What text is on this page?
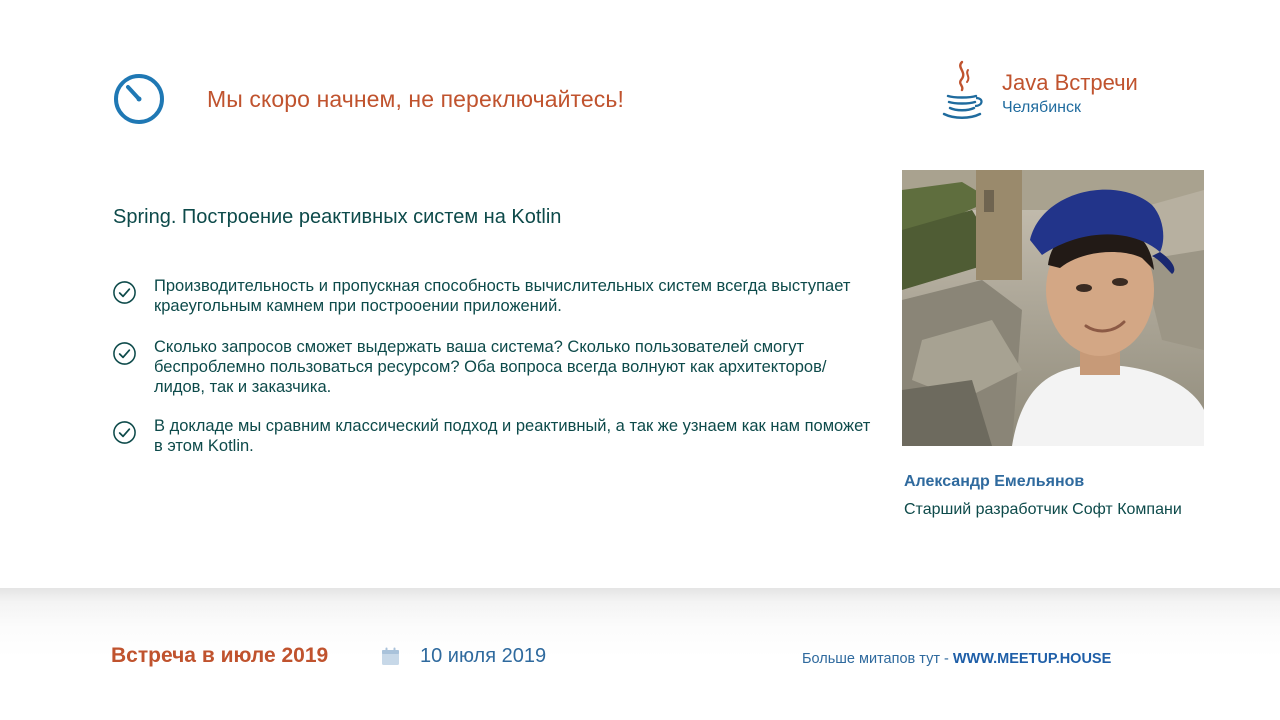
Мы скоро начнем, не переключайтесь!
Java Встречи
Челябинск
Spring. Построение реактивных систем на Kotlin
Производительность и пропускная способность вычислительных систем всегда выступает краеугольным камнем при построоении приложений.
Сколько запросов сможет выдержать ваша система? Сколько пользователей смогут беспроблемно пользоваться ресурсом? Оба вопроса всегда волнуют как архитекторов/лидов, так и заказчика.
В докладе мы сравним классический подход и реактивный, а так же узнаем как нам поможет в этом Kotlin.
Александр Емельянов
Старший разработчик Софт Компани
Встреча в июле 2019	10 июля 2019	Больше митапов тут - WWW.MEETUP.HOUSE
